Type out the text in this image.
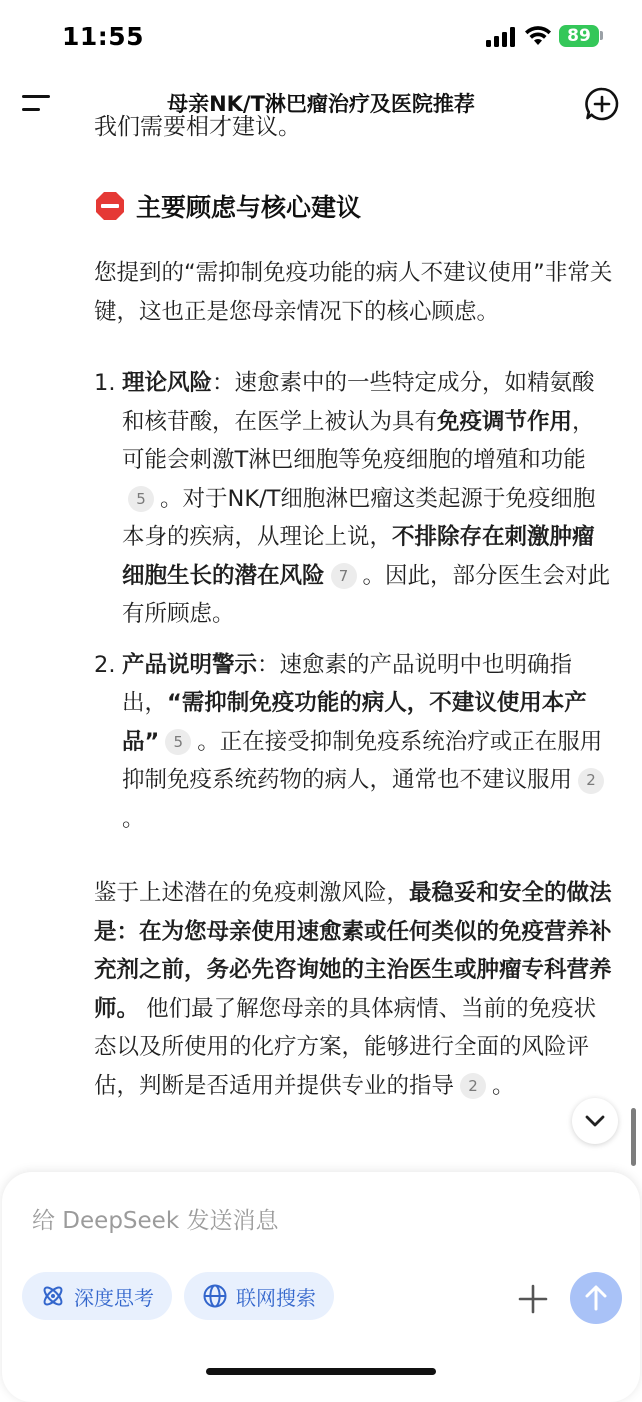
11:55	89
母亲NK/T淋巴瘤治疗及医院推荐
我们需要相才建议。
主要顾虑与核心建议

您提到的“需抑制免疫功能的病人不建议使用”非常关键，这也正是您母亲情况下的核心顾虑。

1. 理论风险：速愈素中的一些特定成分，如精氨酸和核苷酸，在医学上被认为具有免疫调节作用，可能会刺激T淋巴细胞等免疫细胞的增殖和功能5 。对于NK/T细胞淋巴瘤这类起源于免疫细胞本身的疾病，从理论上说，不排除存在刺激肿瘤细胞生长的潜在风险 7 。因此，部分医生会对此有所顾虑。
2. 产品说明警示：速愈素的产品说明中也明确指出，“需抑制免疫功能的病人，不建议使用本产品” 5 。正在接受抑制免疫系统治疗或正在服用抑制免疫系统药物的病人，通常也不建议服用 2。

鉴于上述潜在的免疫刺激风险，最稳妥和安全的做法是：在为您母亲使用速愈素或任何类似的免疫营养补充剂之前，务必先咨询她的主治医生或肿瘤专科营养师。 他们最了解您母亲的具体病情、当前的免疫状态以及所使用的化疗方案，能够进行全面的风险评估，判断是否适用并提供专业的指导 2 。

给 DeepSeek 发送消息
深度思考	联网搜索
